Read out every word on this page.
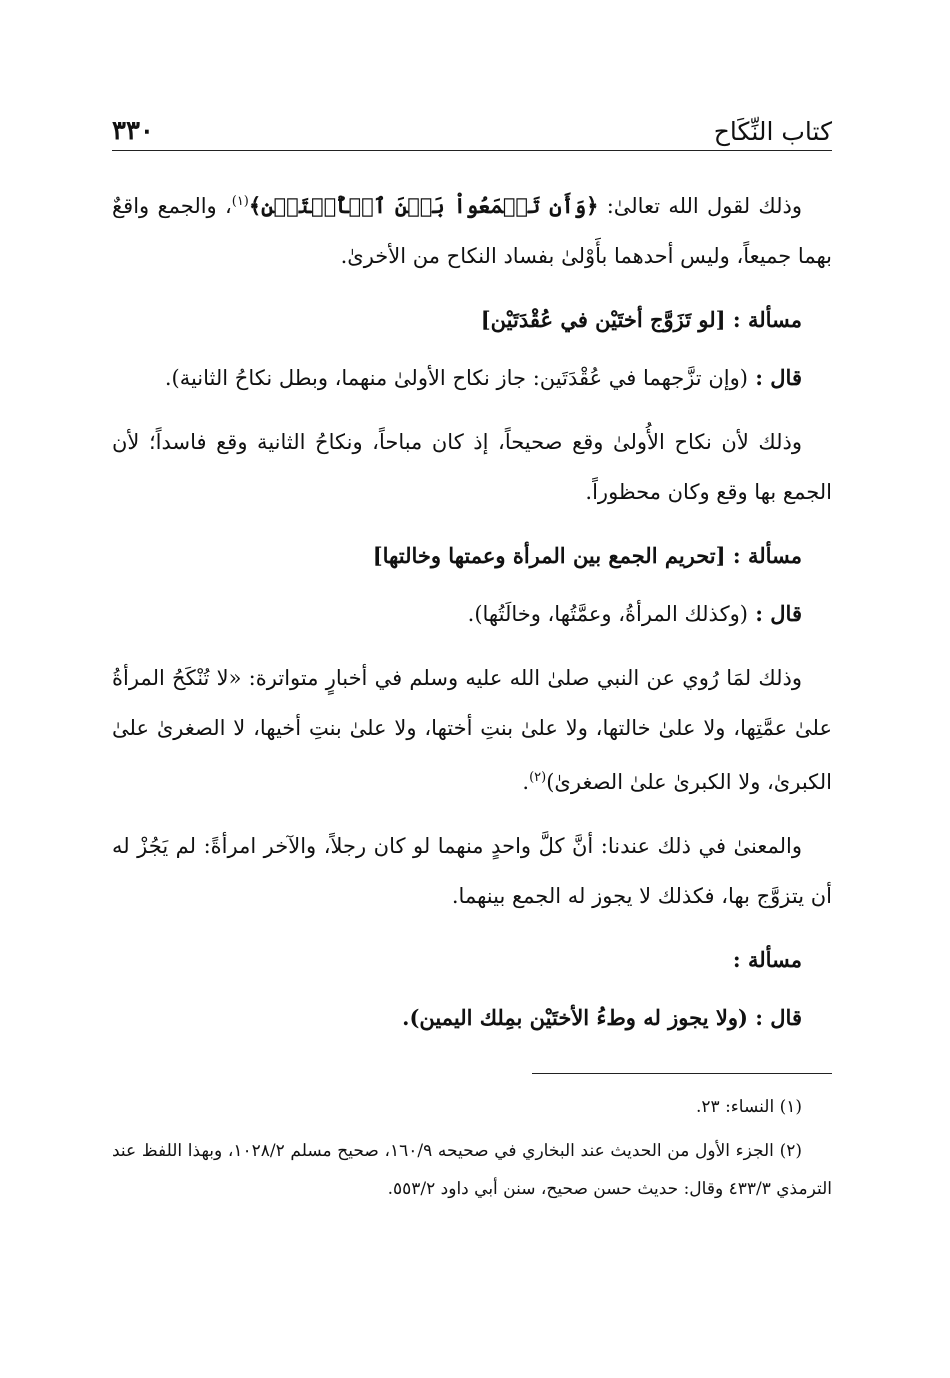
كتاب النِّكَاح
٣٣٠

وذلك لقول الله تعالىٰ: ﴿وَأَن تَجۡمَعُواْ بَيۡنَ ٱلۡأُخۡتَيۡنِ﴾$^{(١)}$، والجمع واقعٌ بهما جميعاً، وليس أحدهما بأَوْلىٰ بفساد النكاح من الأخرىٰ.

مسألة : [لو تَزَوَّج أختَيْن في عُقْدَتَيْن]

قال : (وإن تزَّجهما في عُقْدَتَين: جاز نكاح الأولىٰ منهما، وبطل نكاحُ الثانية).

وذلك لأن نكاح الأُولىٰ وقع صحيحاً، إذ كان مباحاً، ونكاحُ الثانية وقع فاسداً؛ لأن الجمع بها وقع وكان محظوراً.

مسألة : [تحريم الجمع بين المرأة وعمتها وخالتها]

قال : (وكذلك المرأةُ، وعمَّتُها، وخالَتُها).

وذلك لمَا رُوي عن النبي صلىٰ الله عليه وسلم في أخبارٍ متواترة: «لا تُنْكَحُ المرأةُ علىٰ عمَّتِها، ولا علىٰ خالتها، ولا علىٰ بنتِ أختها، ولا علىٰ بنتِ أخيها، لا الصغرىٰ علىٰ الكبرىٰ، ولا الكبرىٰ علىٰ الصغرىٰ)$^{(٢)}$.

والمعنىٰ في ذلك عندنا: أنَّ كلَّ واحدٍ منهما لو كان رجلاً، والآخر امرأةً: لم يَجُزْ له أن يتزوَّج بها، فكذلك لا يجوز له الجمع بينهما.

مسألة :

قال : (ولا يجوز له وطءُ الأختَيْن بمِلك اليمين).

(١) النساء: ٢٣.

(٢) الجزء الأول من الحديث عند البخاري في صحيحه ١٦٠/٩، صحيح مسلم ١٠٢٨/٢، وبهذا اللفظ عند الترمذي ٤٣٣/٣ وقال: حديث حسن صحيح، سنن أبي داود ٥٥٣/٢.
